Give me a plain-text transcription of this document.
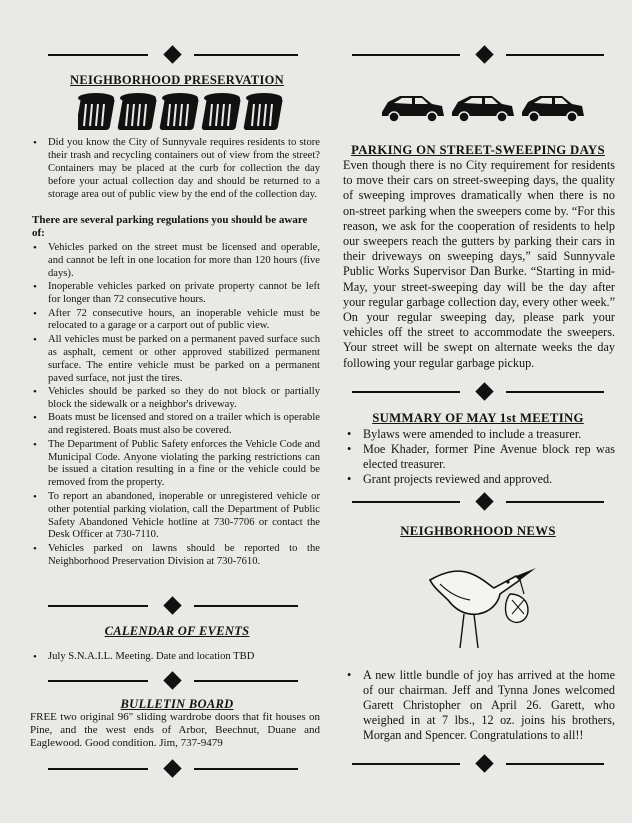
NEIGHBORHOOD PRESERVATION
• Did you know the City of Sunnyvale requires residents to store their trash and recycling containers out of view from the street? Containers may be placed at the curb for collection the day before your actual collection day and should be returned to a storage area out of public view by the end of the collection day.
There are several parking regulations you should be aware of:
• Vehicles parked on the street must be licensed and operable, and cannot be left in one location for more than 120 hours (five days).
• Inoperable vehicles parked on private property cannot be left for longer than 72 consecutive hours.
• After 72 consecutive hours, an inoperable vehicle must be relocated to a garage or a carport out of public view.
• All vehicles must be parked on a permanent paved surface such as asphalt, cement or other approved stabilized permanent surface. The entire vehicle must be parked on a permanent paved surface, not just the tires.
• Vehicles should be parked so they do not block or partially block the sidewalk or a neighbor's driveway.
• Boats must be licensed and stored on a trailer which is operable and registered. Boats must also be covered.
• The Department of Public Safety enforces the Vehicle Code and Municipal Code. Anyone violating the parking restrictions can be issued a citation resulting in a fine or the vehicle could be removed from the property.
• To report an abandoned, inoperable or unregistered vehicle or other potential parking violation, call the Department of Public Safety Abandoned Vehicle hotline at 730-7706 or contact the Desk Officer at 730-7110.
• Vehicles parked on lawns should be reported to the Neighborhood Preservation Division at 730-7610.
CALENDAR OF EVENTS
• July S.N.A.I.L. Meeting. Date and location TBD
BULLETIN BOARD
FREE two original 96" sliding wardrobe doors that fit houses on Pine, and the west ends of Arbor, Beechnut, Duane and Eaglewood. Good condition. Jim, 737-9479
PARKING ON STREET-SWEEPING DAYS
Even though there is no City requirement for residents to move their cars on street-sweeping days, the quality of sweeping improves dramatically when there is no on-street parking when the sweepers come by. “For this reason, we ask for the cooperation of residents to help our sweepers reach the gutters by parking their cars in their driveways on sweeping days,” said Sunnyvale Public Works Supervisor Dan Burke. “Starting in mid-May, your street-sweeping day will be the day after your regular garbage collection day, every other week.” On your regular sweeping day, please park your vehicles off the street to accommodate the sweepers. Your street will be swept on alternate weeks the day following your regular garbage pickup.
SUMMARY OF MAY 1st MEETING
• Bylaws were amended to include a treasurer.
• Moe Khader, former Pine Avenue block rep was elected treasurer.
• Grant projects reviewed and approved.
NEIGHBORHOOD NEWS
• A new little bundle of joy has arrived at the home of our chairman. Jeff and Tynna Jones welcomed Garett Christopher on April 26. Garett, who weighed in at 7 lbs., 12 oz. joins his brothers, Morgan and Spencer. Congratulations to all!!
